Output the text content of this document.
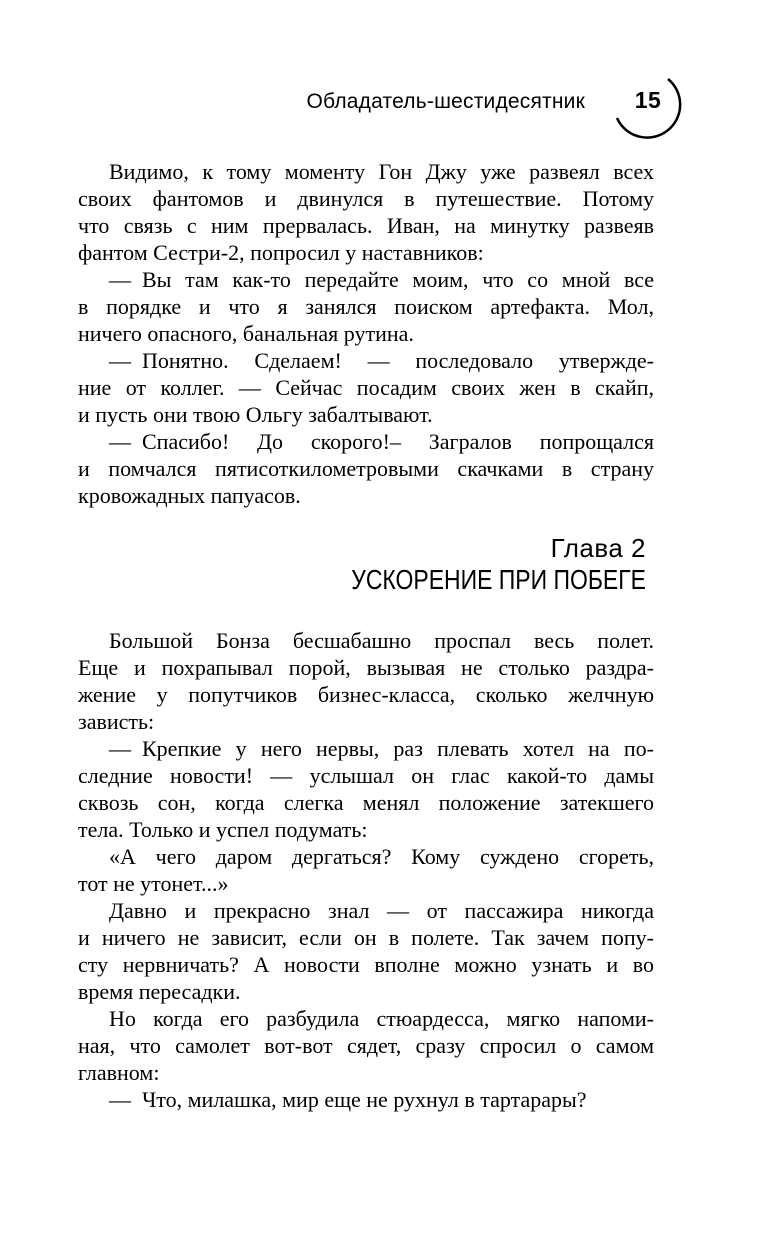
Обладатель-шестидесятник	15
Видимо, к тому моменту Гон Джу уже развеял всех
своих фантомов и двинулся в путешествие. Потому
что связь с ним прервалась. Иван, на минутку развеяв
фантом Сестри-2, попросил у наставников:
— Вы там как-то передайте моим, что со мной все
в порядке и что я занялся поиском артефакта. Мол,
ничего опасного, банальная рутина.
— Понятно. Сделаем! — последовало утвержде-
ние от коллег. — Сейчас посадим своих жен в скайп,
и пусть они твою Ольгу забалтывают.
— Спасибо! До скорого!– Загралов попрощался
и помчался пятисоткилометровыми скачками в страну
кровожадных папуасов.
Глава 2
УСКОРЕНИЕ ПРИ ПОБЕГЕ
Большой Бонза бесшабашно проспал весь полет.
Еще и похрапывал порой, вызывая не столько раздра-
жение у попутчиков бизнес-класса, сколько желчную
зависть:
— Крепкие у него нервы, раз плевать хотел на по-
следние новости! — услышал он глас какой-то дамы
сквозь сон, когда слегка менял положение затекшего
тела. Только и успел подумать:
«А чего даром дергаться? Кому суждено сгореть,
тот не утонет...»
Давно и прекрасно знал — от пассажира никогда
и ничего не зависит, если он в полете. Так зачем попу-
сту нервничать? А новости вполне можно узнать и во
время пересадки.
Но когда его разбудила стюардесса, мягко напоми-
ная, что самолет вот-вот сядет, сразу спросил о самом
главном:
— Что, милашка, мир еще не рухнул в тартарары?
